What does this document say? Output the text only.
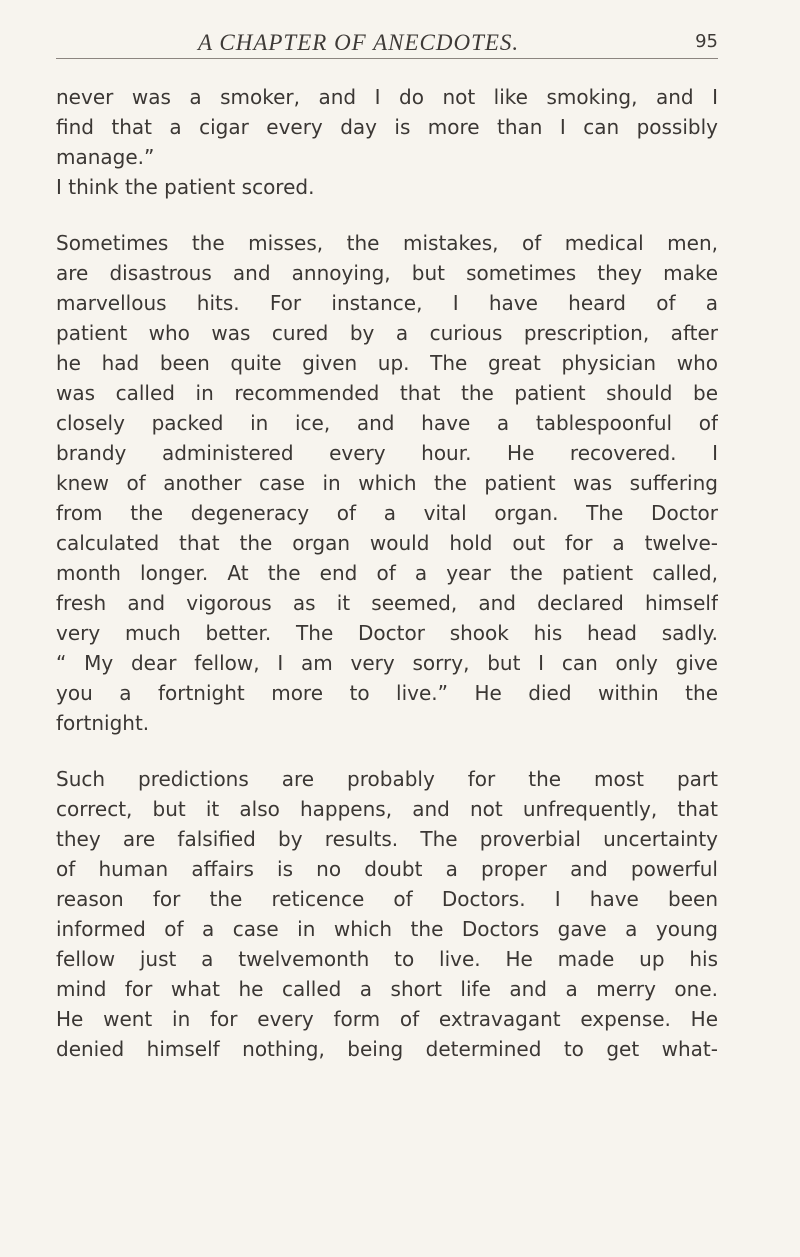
A CHAPTER OF ANECDOTES.	95
never was a smoker, and I do not like smoking, and I
find that a cigar every day is more than I can possibly
manage.”
I think the patient scored.
Sometimes the misses, the mistakes, of medical men,
are disastrous and annoying, but sometimes they make
marvellous hits. For instance, I have heard of a
patient who was cured by a curious prescription, after
he had been quite given up. The great physician who
was called in recommended that the patient should be
closely packed in ice, and have a tablespoonful of
brandy administered every hour. He recovered. I
knew of another case in which the patient was suffering
from the degeneracy of a vital organ. The Doctor
calculated that the organ would hold out for a twelve-
month longer. At the end of a year the patient called,
fresh and vigorous as it seemed, and declared himself
very much better. The Doctor shook his head sadly.
“ My dear fellow, I am very sorry, but I can only give
you a fortnight more to live.” He died within the
fortnight.
Such predictions are probably for the most part
correct, but it also happens, and not unfrequently, that
they are falsified by results. The proverbial uncertainty
of human affairs is no doubt a proper and powerful
reason for the reticence of Doctors. I have been
informed of a case in which the Doctors gave a young
fellow just a twelvemonth to live. He made up his
mind for what he called a short life and a merry one.
He went in for every form of extravagant expense. He
denied himself nothing, being determined to get what-
